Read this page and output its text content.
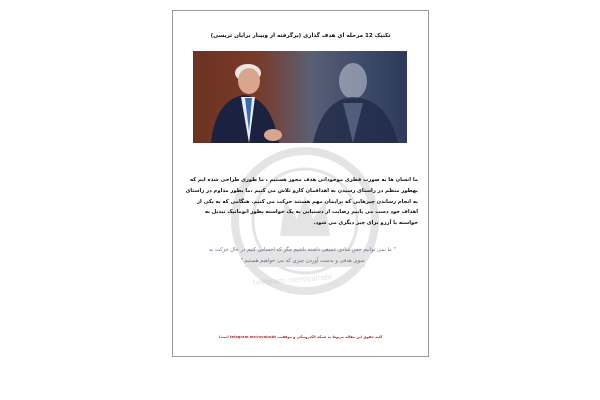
تکنیک 12 مرحله ای هدف گذاری (برگرفته از وبینار برایان تریسی)
ما انسان ها به صورت فطری موجوداتی هدف محور هستیم ، ما طوری طراحی شده ایم که
بهطور منظم در راستای رسیدن به اهدافمان کارو تلاش می کنیم ،ما بطور مداوم در راستای
به انجام رساندن چیزهایی که برایمان مهم هستند حرکت می کنیم. هنگامی که به یکی از
اهداف خود دست می یابیم رضایت از دستیابی به یک خواسته بطور اتوماتیک تبدیل به
خواسته یا آرزو برای چیز دیگری می شود.
" ما نمی توانیم حس شادی عمیقی داشته باشیم مگر که احساس کنیم در حال حرکت به
سوی هدفی و بدست آوردن چیزی که می خواهیم هستیم."
telegram.me/royalrobt
کلیه حقوق این مقاله مربوط به شبکه الکترونیکی و موفقیت telegram.me/royalrobt است!
